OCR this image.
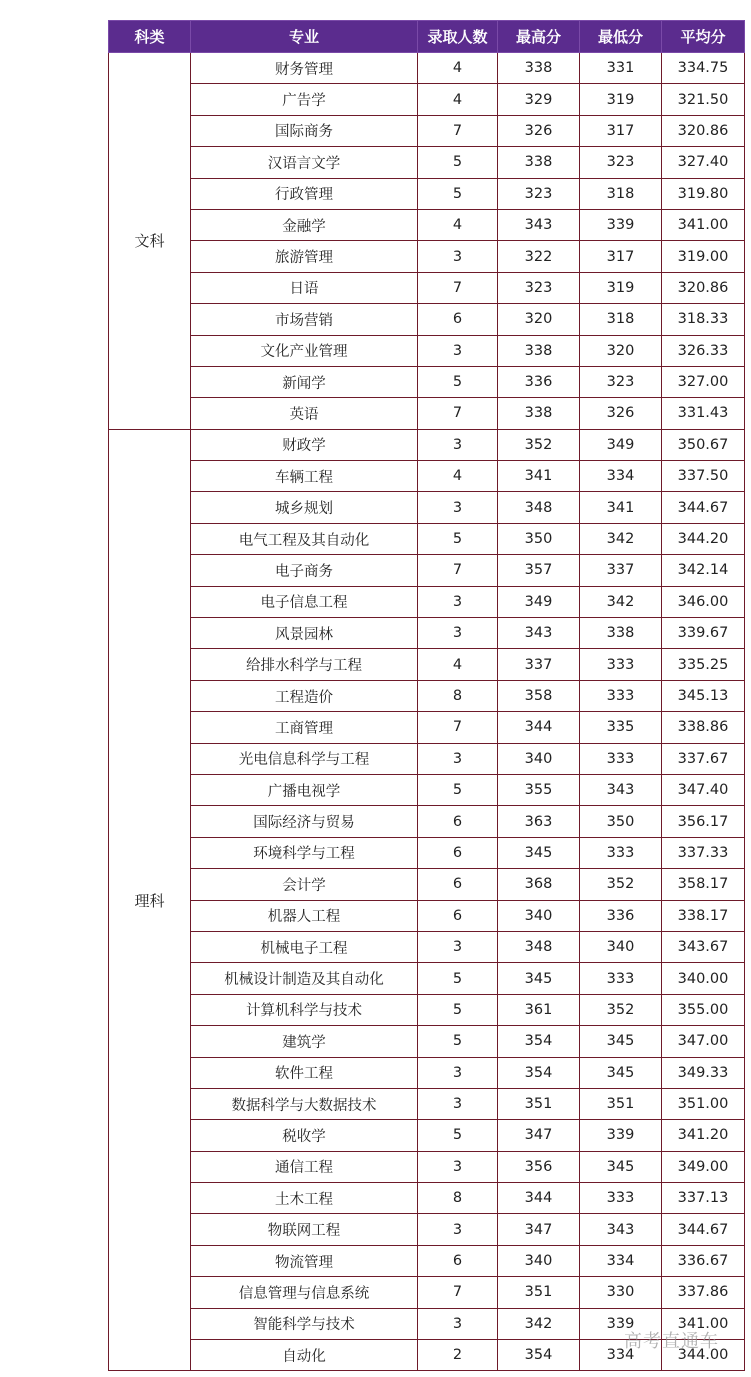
科类	专业	录取人数	最高分	最低分	平均分
文科	财务管理	4	338	331	334.75
	广告学	4	329	319	321.50
	国际商务	7	326	317	320.86
	汉语言文学	5	338	323	327.40
	行政管理	5	323	318	319.80
	金融学	4	343	339	341.00
	旅游管理	3	322	317	319.00
	日语	7	323	319	320.86
	市场营销	6	320	318	318.33
	文化产业管理	3	338	320	326.33
	新闻学	5	336	323	327.00
	英语	7	338	326	331.43
理科	财政学	3	352	349	350.67
	车辆工程	4	341	334	337.50
	城乡规划	3	348	341	344.67
	电气工程及其自动化	5	350	342	344.20
	电子商务	7	357	337	342.14
	电子信息工程	3	349	342	346.00
	风景园林	3	343	338	339.67
	给排水科学与工程	4	337	333	335.25
	工程造价	8	358	333	345.13
	工商管理	7	344	335	338.86
	光电信息科学与工程	3	340	333	337.67
	广播电视学	5	355	343	347.40
	国际经济与贸易	6	363	350	356.17
	环境科学与工程	6	345	333	337.33
	会计学	6	368	352	358.17
	机器人工程	6	340	336	338.17
	机械电子工程	3	348	340	343.67
	机械设计制造及其自动化	5	345	333	340.00
	计算机科学与技术	5	361	352	355.00
	建筑学	5	354	345	347.00
	软件工程	3	354	345	349.33
	数据科学与大数据技术	3	351	351	351.00
	税收学	5	347	339	341.20
	通信工程	3	356	345	349.00
	土木工程	8	344	333	337.13
	物联网工程	3	347	343	344.67
	物流管理	6	340	334	336.67
	信息管理与信息系统	7	351	330	337.86
	智能科学与技术	3	342	339	341.00
	自动化	2	354	334	344.00
高考直通车
